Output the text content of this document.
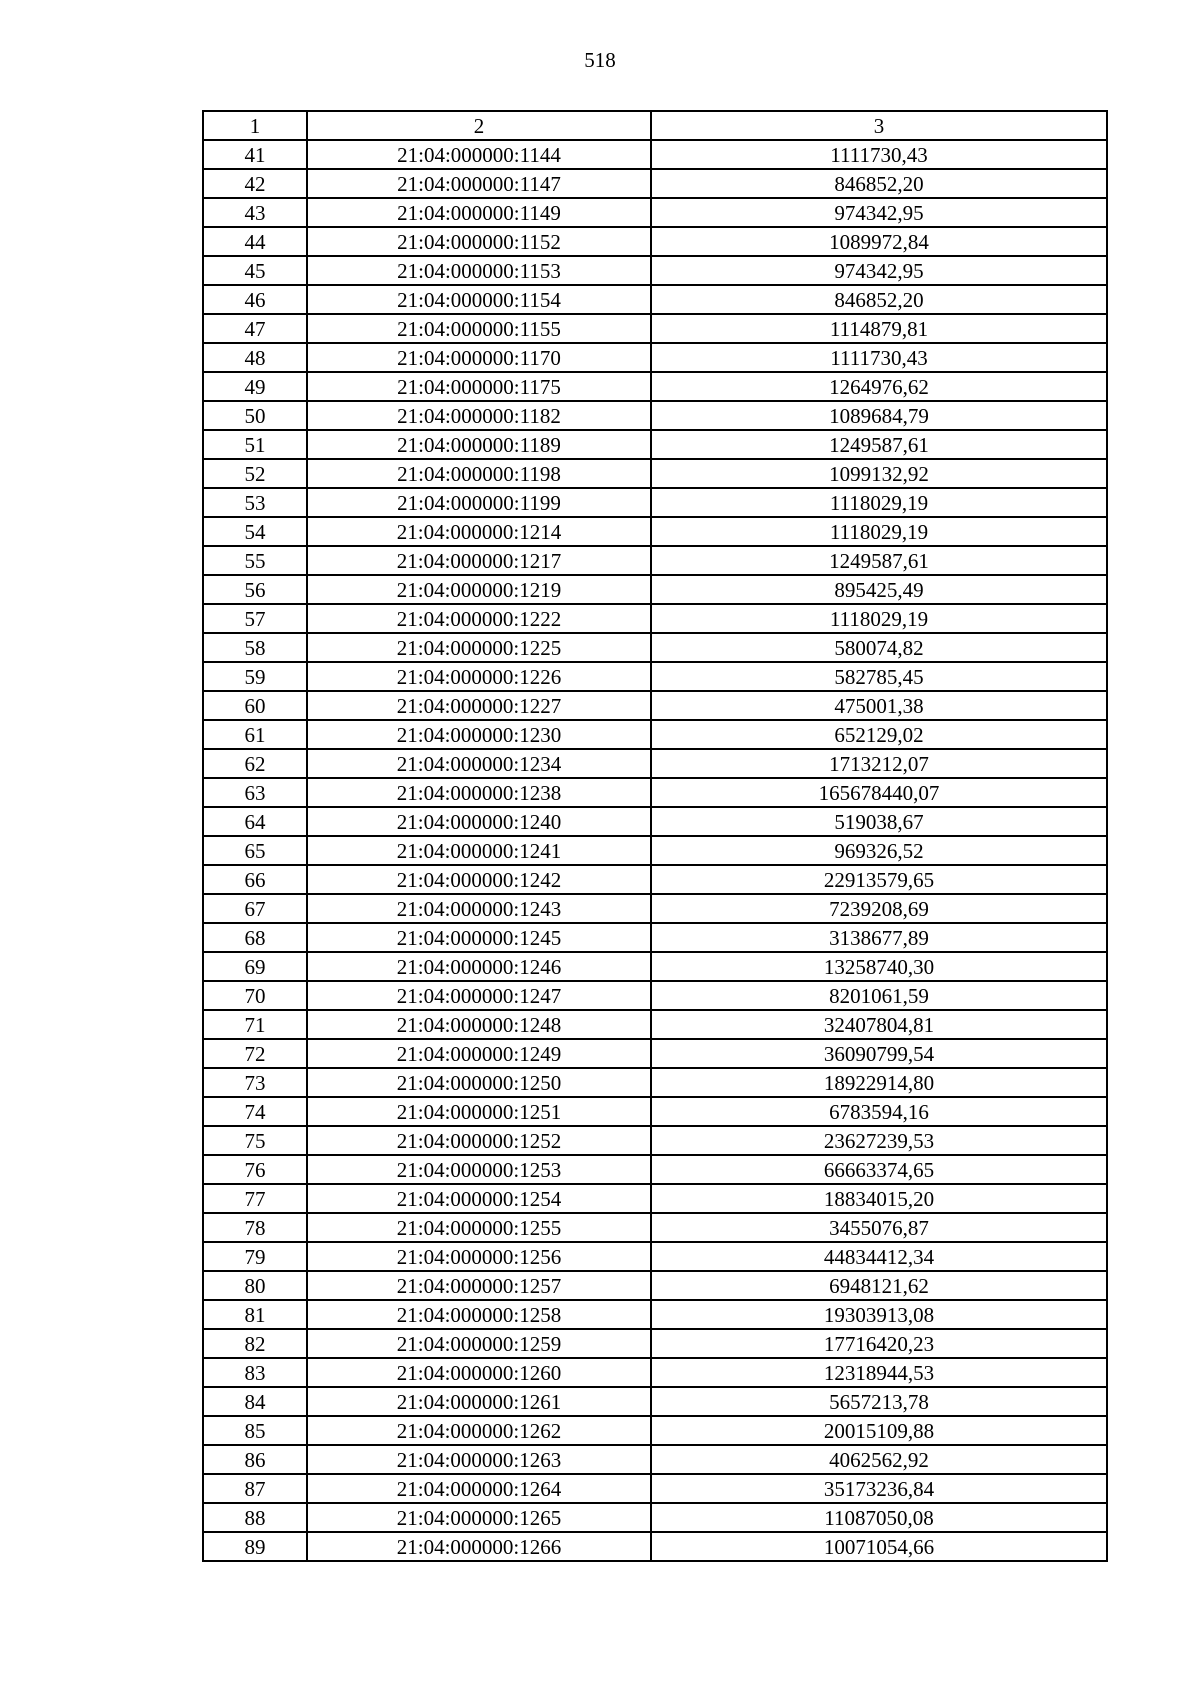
518
1	2	3
41	21:04:000000:1144	1111730,43
42	21:04:000000:1147	846852,20
43	21:04:000000:1149	974342,95
44	21:04:000000:1152	1089972,84
45	21:04:000000:1153	974342,95
46	21:04:000000:1154	846852,20
47	21:04:000000:1155	1114879,81
48	21:04:000000:1170	1111730,43
49	21:04:000000:1175	1264976,62
50	21:04:000000:1182	1089684,79
51	21:04:000000:1189	1249587,61
52	21:04:000000:1198	1099132,92
53	21:04:000000:1199	1118029,19
54	21:04:000000:1214	1118029,19
55	21:04:000000:1217	1249587,61
56	21:04:000000:1219	895425,49
57	21:04:000000:1222	1118029,19
58	21:04:000000:1225	580074,82
59	21:04:000000:1226	582785,45
60	21:04:000000:1227	475001,38
61	21:04:000000:1230	652129,02
62	21:04:000000:1234	1713212,07
63	21:04:000000:1238	165678440,07
64	21:04:000000:1240	519038,67
65	21:04:000000:1241	969326,52
66	21:04:000000:1242	22913579,65
67	21:04:000000:1243	7239208,69
68	21:04:000000:1245	3138677,89
69	21:04:000000:1246	13258740,30
70	21:04:000000:1247	8201061,59
71	21:04:000000:1248	32407804,81
72	21:04:000000:1249	36090799,54
73	21:04:000000:1250	18922914,80
74	21:04:000000:1251	6783594,16
75	21:04:000000:1252	23627239,53
76	21:04:000000:1253	66663374,65
77	21:04:000000:1254	18834015,20
78	21:04:000000:1255	3455076,87
79	21:04:000000:1256	44834412,34
80	21:04:000000:1257	6948121,62
81	21:04:000000:1258	19303913,08
82	21:04:000000:1259	17716420,23
83	21:04:000000:1260	12318944,53
84	21:04:000000:1261	5657213,78
85	21:04:000000:1262	20015109,88
86	21:04:000000:1263	4062562,92
87	21:04:000000:1264	35173236,84
88	21:04:000000:1265	11087050,08
89	21:04:000000:1266	10071054,66
